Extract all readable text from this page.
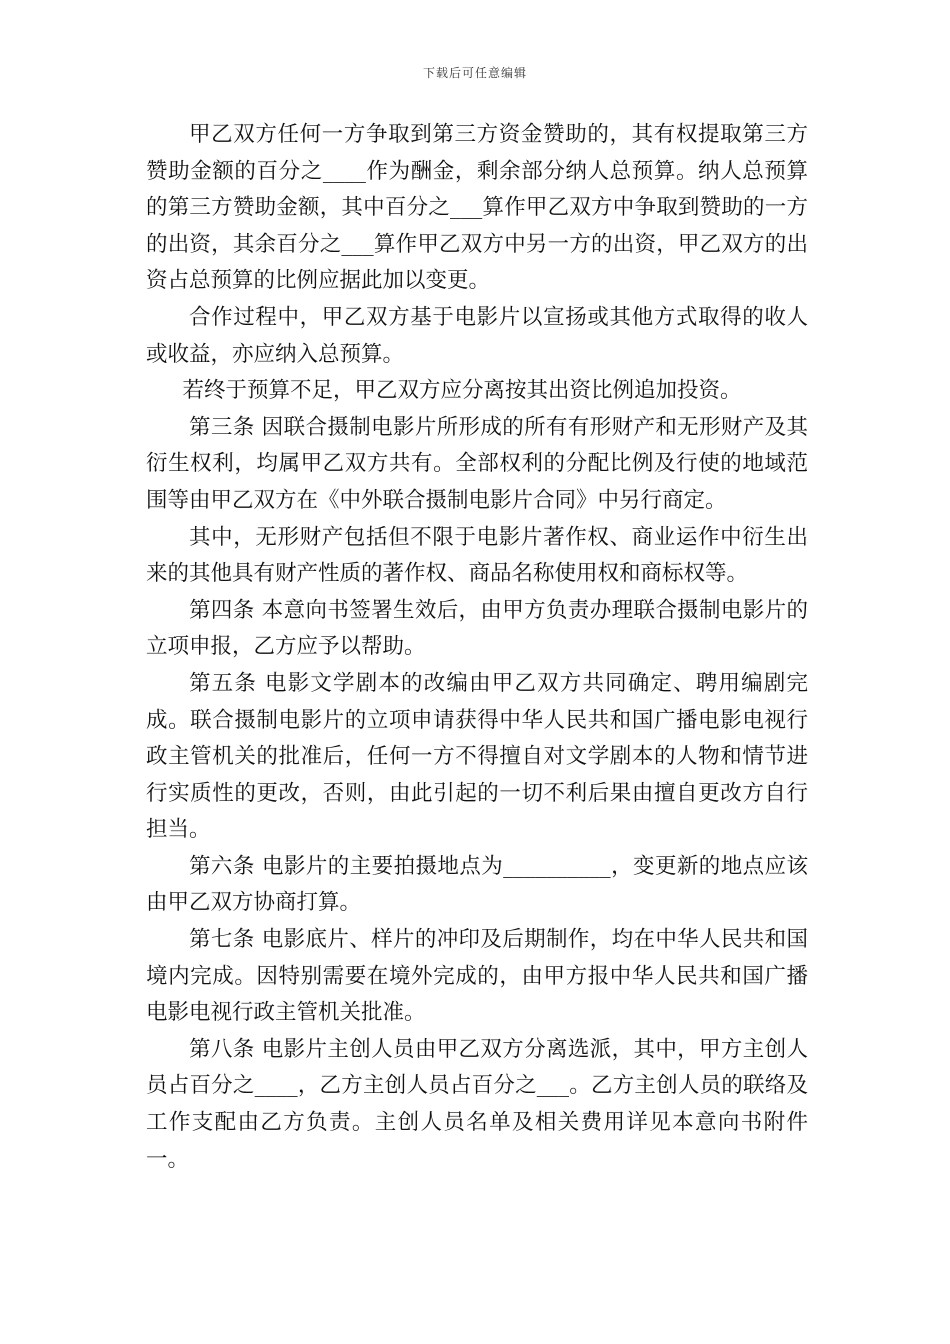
下载后可任意编辑

甲乙双方任何一方争取到第三方资金赞助的，其有权提取第三方赞助金额的百分之____作为酬金，剩余部分纳人总预算。纳人总预算的第三方赞助金额，其中百分之___算作甲乙双方中争取到赞助的一方的出资，其余百分之___算作甲乙双方中另一方的出资，甲乙双方的出资占总预算的比例应据此加以变更。

合作过程中，甲乙双方基于电影片以宣扬或其他方式取得的收人或收益，亦应纳入总预算。

若终于预算不足，甲乙双方应分离按其出资比例追加投资。

第三条 因联合摄制电影片所形成的所有有形财产和无形财产及其衍生权利，均属甲乙双方共有。全部权利的分配比例及行使的地域范围等由甲乙双方在《中外联合摄制电影片合同》中另行商定。

其中，无形财产包括但不限于电影片著作权、商业运作中衍生出来的其他具有财产性质的著作权、商品名称使用权和商标权等。

第四条 本意向书签署生效后，由甲方负责办理联合摄制电影片的立项申报，乙方应予以帮助。

第五条 电影文学剧本的改编由甲乙双方共同确定、聘用编剧完成。联合摄制电影片的立项申请获得中华人民共和国广播电影电视行政主管机关的批准后，任何一方不得擅自对文学剧本的人物和情节进行实质性的更改，否则，由此引起的一切不利后果由擅自更改方自行担当。

第六条 电影片的主要拍摄地点为__________，变更新的地点应该由甲乙双方协商打算。

第七条 电影底片、样片的冲印及后期制作，均在中华人民共和国境内完成。因特别需要在境外完成的，由甲方报中华人民共和国广播电影电视行政主管机关批准。

第八条 电影片主创人员由甲乙双方分离选派，其中，甲方主创人员占百分之____，乙方主创人员占百分之___。乙方主创人员的联络及工作支配由乙方负责。主创人员名单及相关费用详见本意向书附件一。
